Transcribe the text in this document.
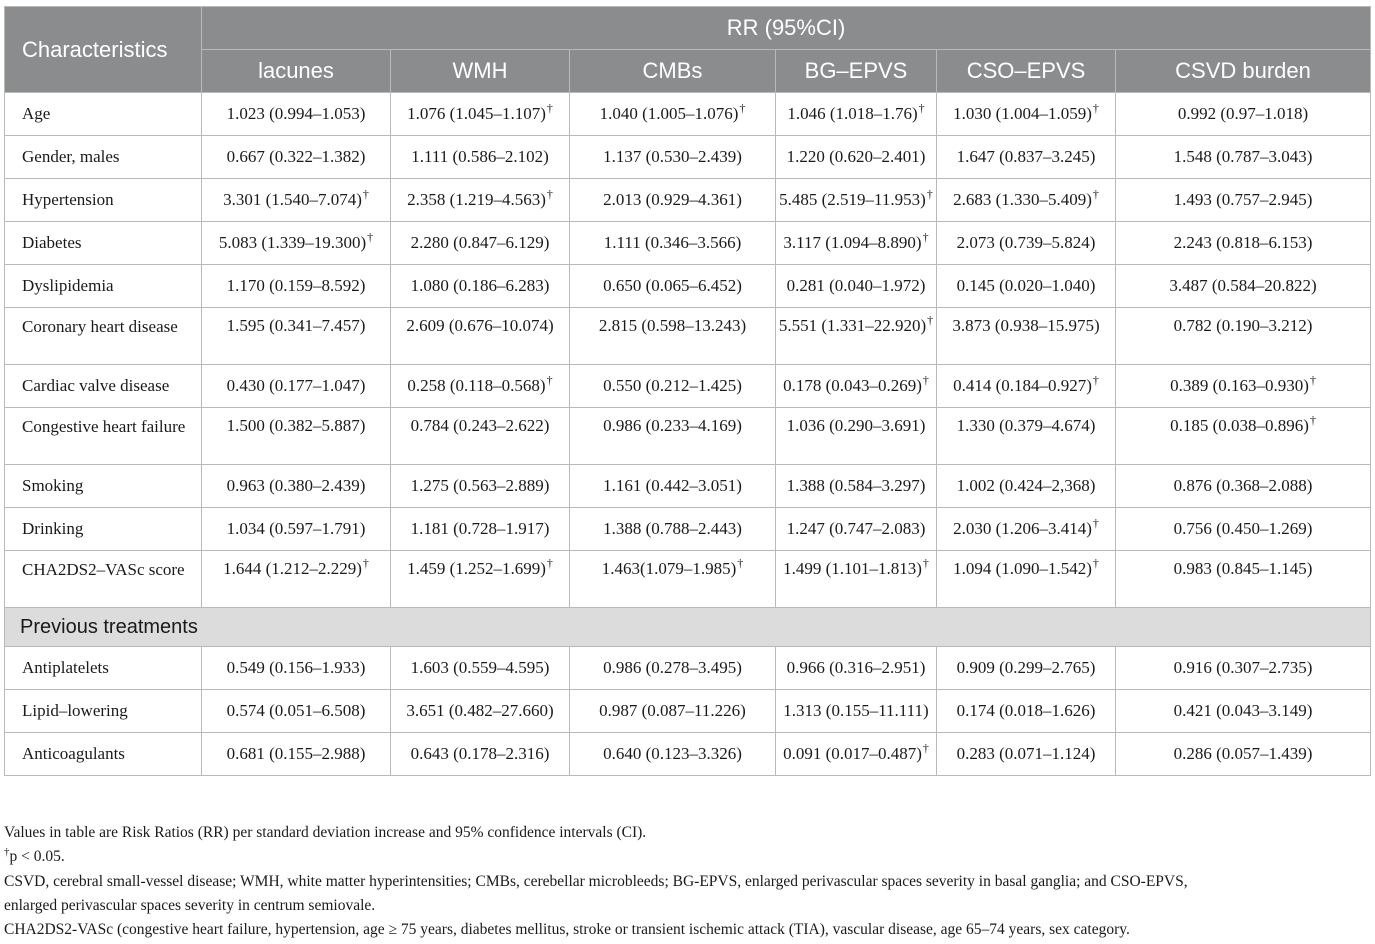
Characteristics	RR (95%CI)					
	lacunes	WMH	CMBs	BG–EPVS	CSO–EPVS	CSVD burden
Age	1.023 (0.994–1.053)	1.076 (1.045–1.107)†	1.040 (1.005–1.076)†	1.046 (1.018–1.76)†	1.030 (1.004–1.059)†	0.992 (0.97–1.018)
Gender, males	0.667 (0.322–1.382)	1.111 (0.586–2.102)	1.137 (0.530–2.439)	1.220 (0.620–2.401)	1.647 (0.837–3.245)	1.548 (0.787–3.043)
Hypertension	3.301 (1.540–7.074)†	2.358 (1.219–4.563)†	2.013 (0.929–4.361)	5.485 (2.519–11.953)†	2.683 (1.330–5.409)†	1.493 (0.757–2.945)
Diabetes	5.083 (1.339–19.300)†	2.280 (0.847–6.129)	1.111 (0.346–3.566)	3.117 (1.094–8.890)†	2.073 (0.739–5.824)	2.243 (0.818–6.153)
Dyslipidemia	1.170 (0.159–8.592)	1.080 (0.186–6.283)	0.650 (0.065–6.452)	0.281 (0.040–1.972)	0.145 (0.020–1.040)	3.487 (0.584–20.822)
Coronary heart disease	1.595 (0.341–7.457)	2.609 (0.676–10.074)	2.815 (0.598–13.243)	5.551 (1.331–22.920)†	3.873 (0.938–15.975)	0.782 (0.190–3.212)
Cardiac valve disease	0.430 (0.177–1.047)	0.258 (0.118–0.568)†	0.550 (0.212–1.425)	0.178 (0.043–0.269)†	0.414 (0.184–0.927)†	0.389 (0.163–0.930)†
Congestive heart failure	1.500 (0.382–5.887)	0.784 (0.243–2.622)	0.986 (0.233–4.169)	1.036 (0.290–3.691)	1.330 (0.379–4.674)	0.185 (0.038–0.896)†
Smoking	0.963 (0.380–2.439)	1.275 (0.563–2.889)	1.161 (0.442–3.051)	1.388 (0.584–3.297)	1.002 (0.424–2,368)	0.876 (0.368–2.088)
Drinking	1.034 (0.597–1.791)	1.181 (0.728–1.917)	1.388 (0.788–2.443)	1.247 (0.747–2.083)	2.030 (1.206–3.414)†	0.756 (0.450–1.269)
CHA2DS2–VASc score	1.644 (1.212–2.229)†	1.459 (1.252–1.699)†	1.463(1.079–1.985)†	1.499 (1.101–1.813)†	1.094 (1.090–1.542)†	0.983 (0.845–1.145)
Previous treatments						
Antiplatelets	0.549 (0.156–1.933)	1.603 (0.559–4.595)	0.986 (0.278–3.495)	0.966 (0.316–2.951)	0.909 (0.299–2.765)	0.916 (0.307–2.735)
Lipid–lowering	0.574 (0.051–6.508)	3.651 (0.482–27.660)	0.987 (0.087–11.226)	1.313 (0.155–11.111)	0.174 (0.018–1.626)	0.421 (0.043–3.149)
Anticoagulants	0.681 (0.155–2.988)	0.643 (0.178–2.316)	0.640 (0.123–3.326)	0.091 (0.017–0.487)†	0.283 (0.071–1.124)	0.286 (0.057–1.439)
Values in table are Risk Ratios (RR) per standard deviation increase and 95% confidence intervals (CI).
†p < 0.05.
CSVD, cerebral small-vessel disease; WMH, white matter hyperintensities; CMBs, cerebellar microbleeds; BG-EPVS, enlarged perivascular spaces severity in basal ganglia; and CSO-EPVS,
enlarged perivascular spaces severity in centrum semiovale.
CHA2DS2-VASc (congestive heart failure, hypertension, age ≥ 75 years, diabetes mellitus, stroke or transient ischemic attack (TIA), vascular disease, age 65–74 years, sex category.
